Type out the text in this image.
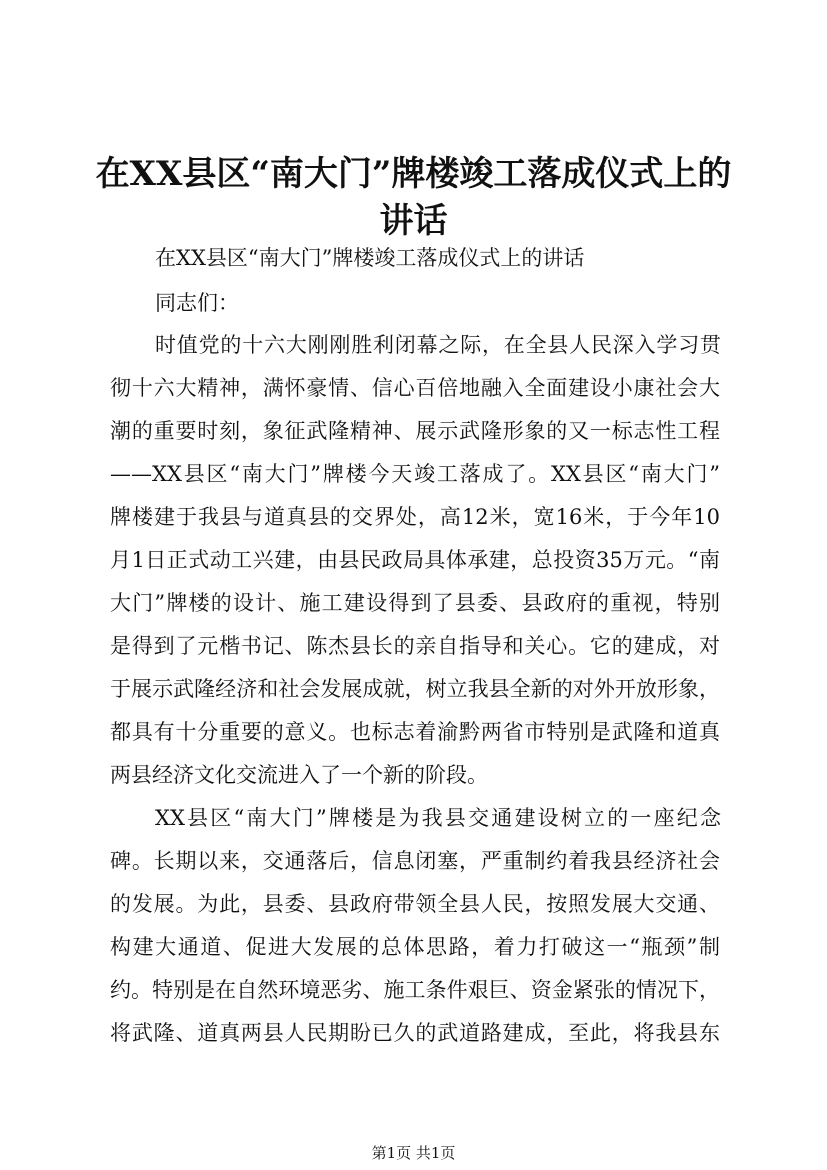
在XX县区“南大门”牌楼竣工落成仪式上的
讲话

在XX县区“南大门”牌楼竣工落成仪式上的讲话

同志们：

时值党的十六大刚刚胜利闭幕之际，在全县人民深入学习贯

彻十六大精神，满怀豪情、信心百倍地融入全面建设小康社会大

潮的重要时刻，象征武隆精神、展示武隆形象的又一标志性工程

——XX县区“南大门”牌楼今天竣工落成了。XX县区“南大门”

牌楼建于我县与道真县的交界处，高12米，宽16米，于今年10

月1日正式动工兴建，由县民政局具体承建，总投资35万元。“南

大门”牌楼的设计、施工建设得到了县委、县政府的重视，特别

是得到了元楷书记、陈杰县长的亲自指导和关心。它的建成，对

于展示武隆经济和社会发展成就，树立我县全新的对外开放形象，

都具有十分重要的意义。也标志着渝黔两省市特别是武隆和道真

两县经济文化交流进入了一个新的阶段。

XX县区“南大门”牌楼是为我县交通建设树立的一座纪念

碑。长期以来，交通落后，信息闭塞，严重制约着我县经济社会

的发展。为此，县委、县政府带领全县人民，按照发展大交通、

构建大通道、促进大发展的总体思路，着力打破这一“瓶颈”制

约。特别是在自然环境恶劣、施工条件艰巨、资金紧张的情况下，

将武隆、道真两县人民期盼已久的武道路建成，至此，将我县东

第1页 共1页
